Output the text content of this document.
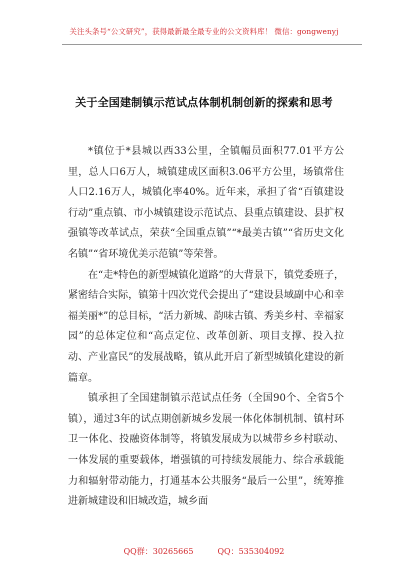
关注头条号“公文研究”，获得最新最全最专业的公文资料库！ 微信：gongwenyj
关于全国建制镇示范试点体制机制创新的探索和思考

*镇位于*县城以西33公里，全镇幅员面积77.01平方公里，总人口6万人，城镇建成区面积3.06平方公里，场镇常住人口2.16万人，城镇化率40%。近年来，承担了省“百镇建设行动”重点镇、市小城镇建设示范试点、县重点镇建设、县扩权强镇等改革试点，荣获“全国重点镇”“*最美古镇”“省历史文化名镇”“省环境优美示范镇”等荣誉。

在“走*特色的新型城镇化道路”的大背景下，镇党委班子，紧密结合实际，镇第十四次党代会提出了“建设县域副中心和幸福美丽*”的总目标，“活力新城、韵味古镇、秀美乡村、幸福家园”的总体定位和“高点定位、改革创新、项目支撑、投入拉动、产业富民”的发展战略，镇从此开启了新型城镇化建设的新篇章。

镇承担了全国建制镇示范试点任务（全国90个、全省5个镇），通过3年的试点期创新城乡发展一体化体制机制、镇村环卫一体化、投融资体制等，将镇发展成为以城带乡乡村联动、一体发展的重要载体，增强镇的可持续发展能力、综合承载能力和辐射带动能力，打通基本公共服务“最后一公里”，统筹推进新城建设和旧城改造，城乡面

QQ群：30265665	QQ：535304092
